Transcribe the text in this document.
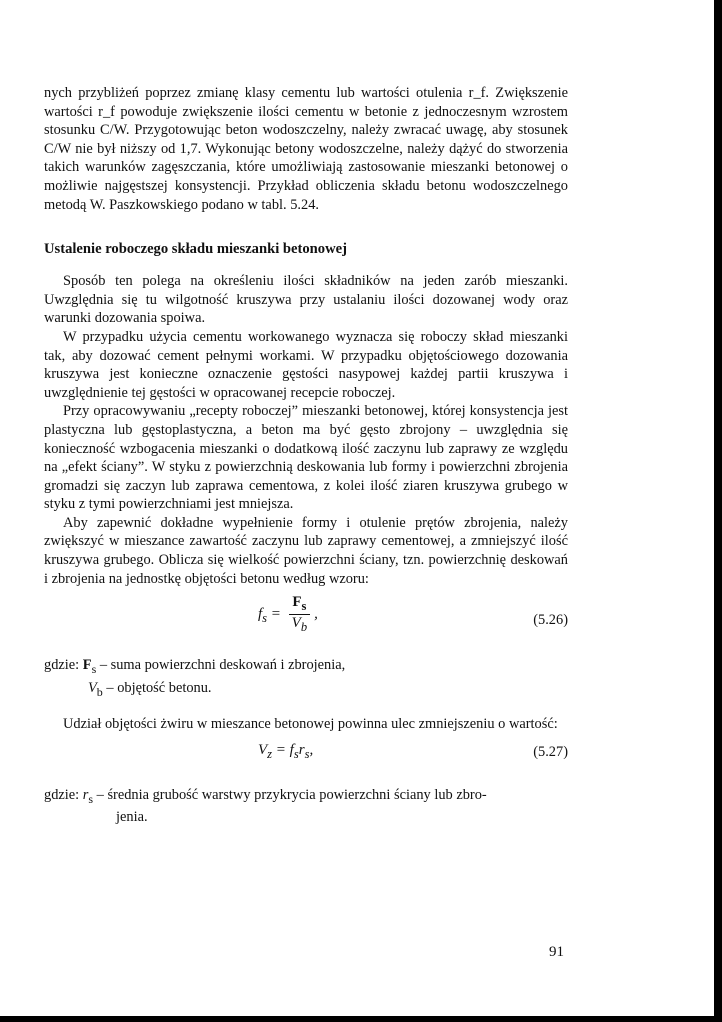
nych przybliżeń poprzez zmianę klasy cementu lub wartości otulenia r_f. Zwiększenie wartości r_f powoduje zwiększenie ilości cementu w betonie z jednoczesnym wzrostem stosunku C/W. Przygotowując beton wodoszczelny, należy zwracać uwagę, aby stosunek C/W nie był niższy od 1,7. Wykonując betony wodoszczelne, należy dążyć do stworzenia takich warunków zagęszczania, które umożliwiają zastosowanie mieszanki betonowej o możliwie najgęstszej konsystencji. Przykład obliczenia składu betonu wodoszczelnego metodą W. Paszkowskiego podano w tabl. 5.24.

Ustalenie roboczego składu mieszanki betonowej

Sposób ten polega na określeniu ilości składników na jeden zarób mieszanki. Uwzględnia się tu wilgotność kruszywa przy ustalaniu ilości dozowanej wody oraz warunki dozowania spoiwa.

W przypadku użycia cementu workowanego wyznacza się roboczy skład mieszanki tak, aby dozować cement pełnymi workami. W przypadku objętościowego dozowania kruszywa jest konieczne oznaczenie gęstości nasypowej każdej partii kruszywa i uwzględnienie tej gęstości w opracowanej recepcie roboczej.

Przy opracowywaniu „recepty roboczej” mieszanki betonowej, której konsystencja jest plastyczna lub gęstoplastyczna, a beton ma być gęsto zbrojony – uwzględnia się konieczność wzbogacenia mieszanki o dodatkową ilość zaczynu lub zaprawy ze względu na „efekt ściany”. W styku z powierzchnią deskowania lub formy i powierzchni zbrojenia gromadzi się zaczyn lub zaprawa cementowa, z kolei ilość ziaren kruszywa grubego w styku z tymi powierzchniami jest mniejsza.

Aby zapewnić dokładne wypełnienie formy i otulenie prętów zbrojenia, należy zwiększyć w mieszance zawartość zaczynu lub zaprawy cementowej, a zmniejszyć ilość kruszywa grubego. Oblicza się wielkość powierzchni ściany, tzn. powierzchnię deskowań i zbrojenia na jednostkę objętości betonu według wzoru:

$f_s = \frac{F_s}{V_b}$ ,	(5.26)
gdzie: $F_s$ – suma powierzchni deskowań i zbrojenia,
$V_b$ – objętość betonu.

Udział objętości żwiru w mieszance betonowej powinna ulec zmniejszeniu o wartość:

$V_z = f_sr_s$,	(5.27)
gdzie: $r_s$ – średnia grubość warstwy przykrycia powierzchni ściany lub zbro-
jenia.
91
